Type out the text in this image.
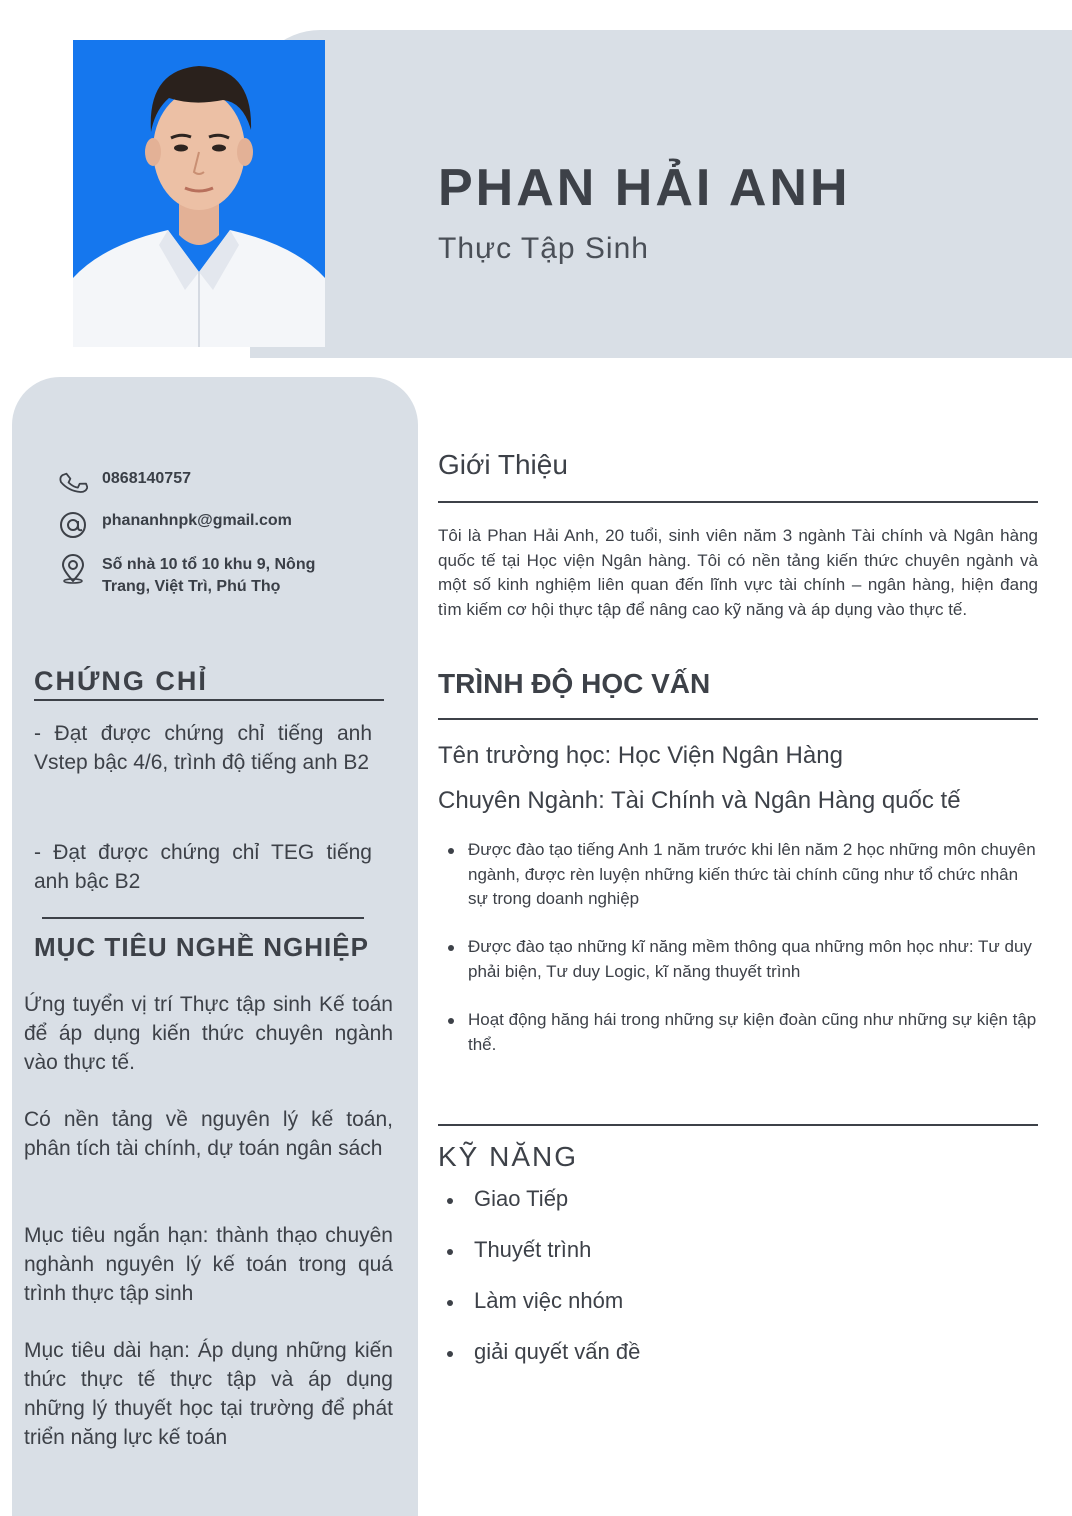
PHAN HẢI ANH

Thực Tập Sinh

0868140757
phananhnpk@gmail.com
Số nhà 10 tổ 10 khu 9, Nông Trang, Việt Trì, Phú Thọ
CHỨNG CHỈ

- Đạt được chứng chỉ tiếng anh Vstep bậc 4/6, trình độ tiếng anh B2

- Đạt được chứng chỉ TEG tiếng anh bậc B2

MỤC TIÊU NGHỀ NGHIỆP

Ứng tuyển vị trí Thực tập sinh Kế toán để áp dụng kiến thức chuyên ngành vào thực tế.

Có nền tảng về nguyên lý kế toán, phân tích tài chính, dự toán ngân sách

Mục tiêu ngắn hạn: thành thạo chuyên nghành nguyên lý kế toán trong quá trình thực tập sinh

Mục tiêu dài hạn: Áp dụng những kiến thức thực tế thực tập và áp dụng những lý thuyết học tại trường để phát triển năng lực kế toán

Giới Thiệu

Tôi là Phan Hải Anh, 20 tuổi, sinh viên năm 3 ngành Tài chính và Ngân hàng quốc tế tại Học viện Ngân hàng. Tôi có nền tảng kiến thức chuyên ngành và một số kinh nghiệm liên quan đến lĩnh vực tài chính – ngân hàng, hiện đang tìm kiếm cơ hội thực tập để nâng cao kỹ năng và áp dụng vào thực tế.

TRÌNH ĐỘ HỌC VẤN

Tên trường học: Học Viện Ngân Hàng

Chuyên Ngành: Tài Chính và Ngân Hàng quốc tế

Được đào tạo tiếng Anh 1 năm trước khi lên năm 2 học những môn chuyên ngành, được rèn luyện những kiến thức tài chính cũng như tổ chức nhân sự trong doanh nghiệp

Được đào tạo những kĩ năng mềm thông qua những môn học như: Tư duy phải biện, Tư duy Logic, kĩ năng thuyết trình

Hoạt động hăng hái trong những sự kiện đoàn cũng như những sự kiện tập thể.

KỸ NĂNG

Giao Tiếp

Thuyết trình

Làm việc nhóm

giải quyết vấn đề
